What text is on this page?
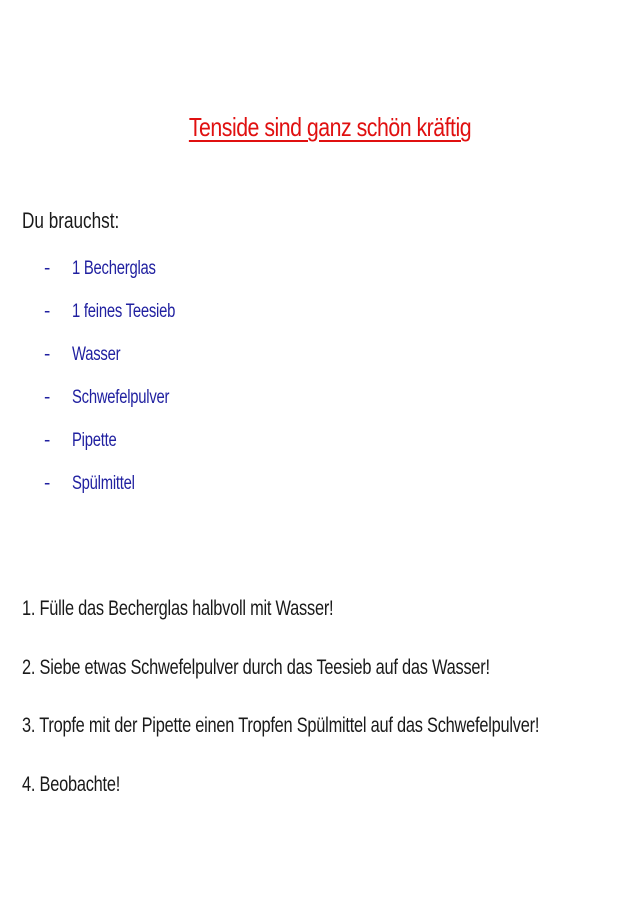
Tenside sind ganz schön kräftig
Du brauchst:
-	1 Becherglas
-	1 feines Teesieb
-	Wasser
-	Schwefelpulver
-	Pipette
-	Spülmittel
1. Fülle das Becherglas halbvoll mit Wasser!
2. Siebe etwas Schwefelpulver durch das Teesieb auf das Wasser!
3. Tropfe mit der Pipette einen Tropfen Spülmittel auf das Schwefelpulver!
4. Beobachte!
